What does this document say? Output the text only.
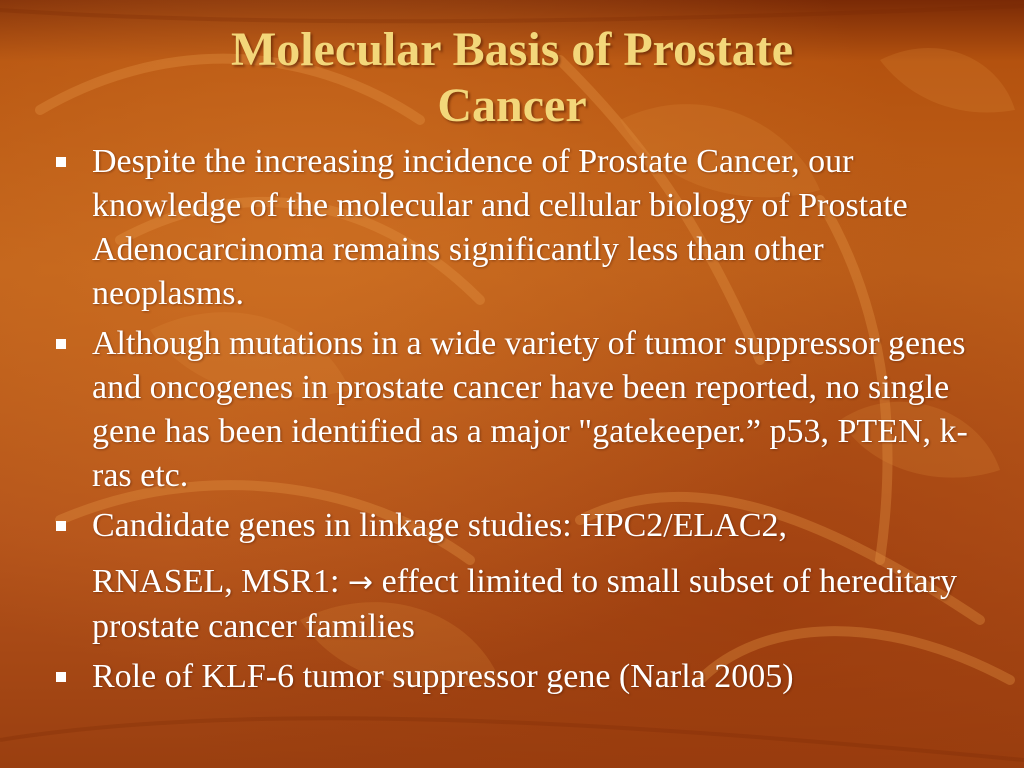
Molecular Basis of Prostate
Cancer
Despite the increasing incidence of Prostate Cancer, our knowledge of the molecular and cellular biology of Prostate Adenocarcinoma remains significantly less than other neoplasms.
Although mutations in a wide variety of tumor suppressor genes and oncogenes in prostate cancer have been reported, no single gene has been identified as a major "gatekeeper.” p53, PTEN, k-ras etc.
Candidate genes in linkage studies: HPC2/ELAC2,
RNASEL, MSR1: → effect limited to small subset of hereditary prostate cancer families
Role of KLF-6 tumor suppressor gene (Narla 2005)
